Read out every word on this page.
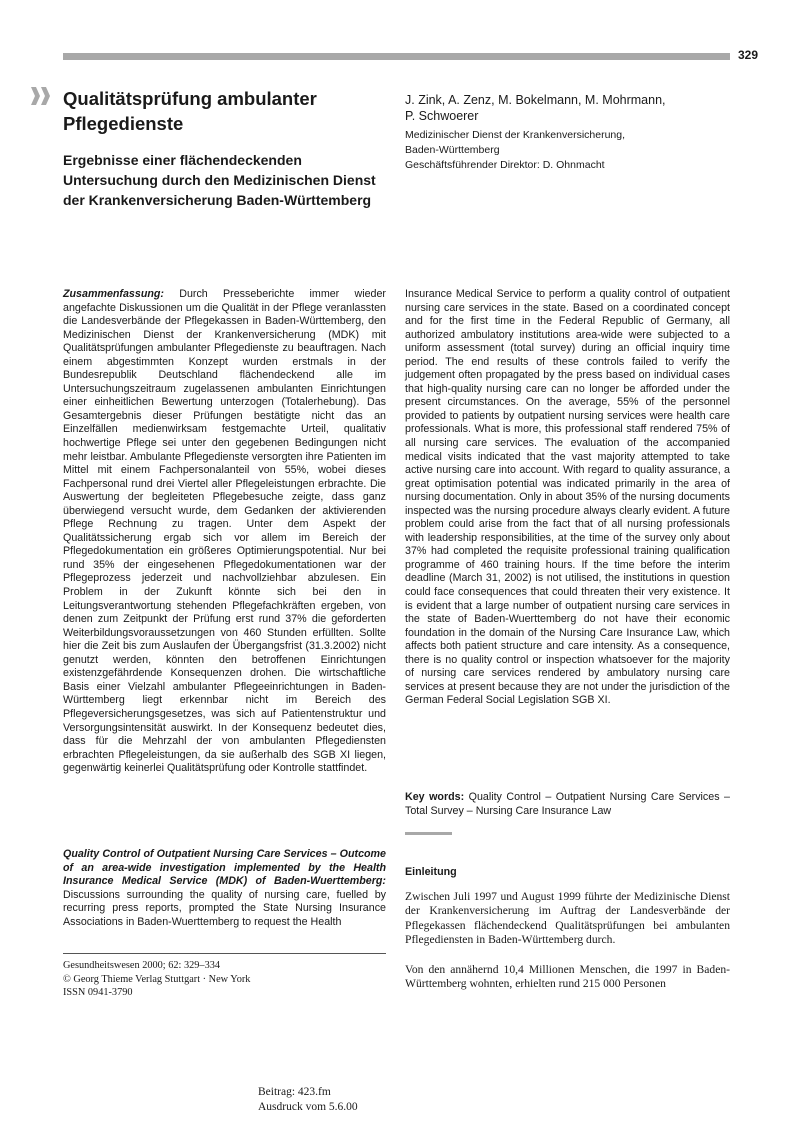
329
Qualitätsprüfung ambulanter Pflegedienste
Ergebnisse einer flächendeckenden Untersuchung durch den Medizinischen Dienst der Krankenversicherung Baden-Württemberg
J. Zink, A. Zenz, M. Bokelmann, M. Mohrmann,
P. Schwoerer
Medizinischer Dienst der Krankenversicherung,
Baden-Württemberg
Geschäftsführender Direktor: D. Ohnmacht

Zusammenfassung: Durch Presseberichte immer wieder angefachte Diskussionen um die Qualität in der Pflege veranlassten die Landesverbände der Pflegekassen in Baden-Württemberg, den Medizinischen Dienst der Krankenversicherung (MDK) mit Qualitätsprüfungen ambulanter Pflegedienste zu beauftragen. Nach einem abgestimmten Konzept wurden erstmals in der Bundesrepublik Deutschland flächendeckend alle im Untersuchungszeitraum zugelassenen ambulanten Einrichtungen einer einheitlichen Bewertung unterzogen (Totalerhebung). Das Gesamtergebnis dieser Prüfungen bestätigte nicht das an Einzelfällen medienwirksam festgemachte Urteil, qualitativ hochwertige Pflege sei unter den gegebenen Bedingungen nicht mehr leistbar. Ambulante Pflegedienste versorgten ihre Patienten im Mittel mit einem Fachpersonalanteil von 55%, wobei dieses Fachpersonal rund drei Viertel aller Pflegeleistungen erbrachte. Die Auswertung der begleiteten Pflegebesuche zeigte, dass ganz überwiegend versucht wurde, dem Gedanken der aktivierenden Pflege Rechnung zu tragen. Unter dem Aspekt der Qualitätssicherung ergab sich vor allem im Bereich der Pflegedokumentation ein größeres Optimierungspotential. Nur bei rund 35% der eingesehenen Pflegedokumentationen war der Pflegeprozess jederzeit und nachvollziehbar abzulesen. Ein Problem in der Zukunft könnte sich bei den in Leitungsverantwortung stehenden Pflegefachkräften ergeben, von denen zum Zeitpunkt der Prüfung erst rund 37% die geforderten Weiterbildungsvoraussetzungen von 460 Stunden erfüllten. Sollte hier die Zeit bis zum Auslaufen der Übergangsfrist (31.3.2002) nicht genutzt werden, könnten den betroffenen Einrichtungen existenzgefährdende Konsequenzen drohen. Die wirtschaftliche Basis einer Vielzahl ambulanter Pflegeeinrichtungen in Baden-Württemberg liegt erkennbar nicht im Bereich des Pflegeversicherungsgesetzes, was sich auf Patientenstruktur und Versorgungsintensität auswirkt. In der Konsequenz bedeutet dies, dass für die Mehrzahl der von ambulanten Pflegediensten erbrachten Pflegeleistungen, da sie außerhalb des SGB XI liegen, gegenwärtig keinerlei Qualitätsprüfung oder Kontrolle stattfindet.

Quality Control of Outpatient Nursing Care Services – Outcome of an area-wide investigation implemented by the Health Insurance Medical Service (MDK) of Baden-Wuerttemberg: Discussions surrounding the quality of nursing care, fuelled by recurring press reports, prompted the State Nursing Insurance Associations in Baden-Wuerttemberg to request the Health

Insurance Medical Service to perform a quality control of outpatient nursing care services in the state. Based on a coordinated concept and for the first time in the Federal Republic of Germany, all authorized ambulatory institutions area-wide were subjected to a uniform assessment (total survey) during an official inquiry time period. The end results of these controls failed to verify the judgement often propagated by the press based on individual cases that high-quality nursing care can no longer be afforded under the present circumstances. On the average, 55% of the personnel provided to patients by outpatient nursing services were health care professionals. What is more, this professional staff rendered 75% of all nursing care services. The evaluation of the accompanied medical visits indicated that the vast majority attempted to take active nursing care into account. With regard to quality assurance, a great optimisation potential was indicated primarily in the area of nursing documentation. Only in about 35% of the nursing documents inspected was the nursing procedure always clearly evident. A future problem could arise from the fact that of all nursing professionals with leadership responsibilities, at the time of the survey only about 37% had completed the requisite professional training qualification programme of 460 training hours. If the time before the interim deadline (March 31, 2002) is not utilised, the institutions in question could face consequences that could threaten their very existence. It is evident that a large number of outpatient nursing care services in the state of Baden-Wuerttemberg do not have their economic foundation in the domain of the Nursing Care Insurance Law, which affects both patient structure and care intensity. As a consequence, there is no quality control or inspection whatsoever for the majority of nursing care services rendered by ambulatory nursing care services at present because they are not under the jurisdiction of the German Federal Social Legislation SGB XI.

Key words: Quality Control – Outpatient Nursing Care Services – Total Survey – Nursing Care Insurance Law

Einleitung

Zwischen Juli 1997 und August 1999 führte der Medizinische Dienst der Krankenversicherung im Auftrag der Landesverbände der Pflegekassen flächendeckend Qualitätsprüfungen bei ambulanten Pflegediensten in Baden-Württemberg durch.

Von den annähernd 10,4 Millionen Menschen, die 1997 in Baden-Württemberg wohnten, erhielten rund 215 000 Personen

Gesundheitswesen 2000; 62: 329–334
© Georg Thieme Verlag Stuttgart · New York
ISSN 0941-3790
Beitrag: 423.fm
Ausdruck vom 5.6.00
